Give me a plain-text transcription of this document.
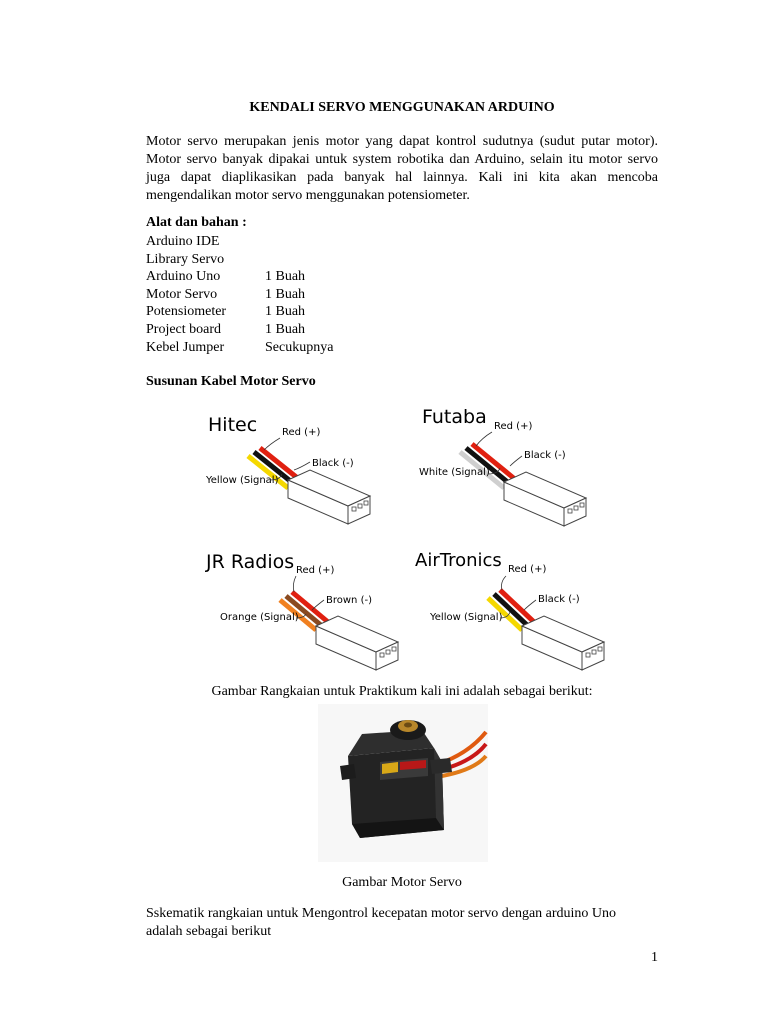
KENDALI SERVO MENGGUNAKAN ARDUINO
Motor servo merupakan jenis motor yang dapat kontrol sudutnya (sudut putar motor). Motor servo banyak dipakai untuk system robotika dan Arduino, selain itu motor servo juga dapat diaplikasikan pada banyak hal lainnya. Kali ini kita akan mencoba mengendalikan motor servo menggunakan potensiometer.
Alat dan bahan :
Arduino IDE
Library Servo
Arduino Uno	1 Buah
Motor Servo	1 Buah
Potensiometer	1 Buah
Project board	1 Buah
Kebel Jumper	Secukupnya
Susunan Kabel Motor Servo
Hitec Red (+)
Black (-)
Yellow (Signal)
Futaba Red (+)
Black (-)
White (Signal)
JR Radios Red (+)
Brown (-)
Orange (Signal)
AirTronics Red (+)
Black (-)
Yellow (Signal)
Gambar Rangkaian untuk Praktikum kali ini adalah sebagai berikut:
Gambar Motor Servo
Sskematik rangkaian untuk Mengontrol kecepatan motor servo dengan arduino Uno
adalah sebagai berikut
1
